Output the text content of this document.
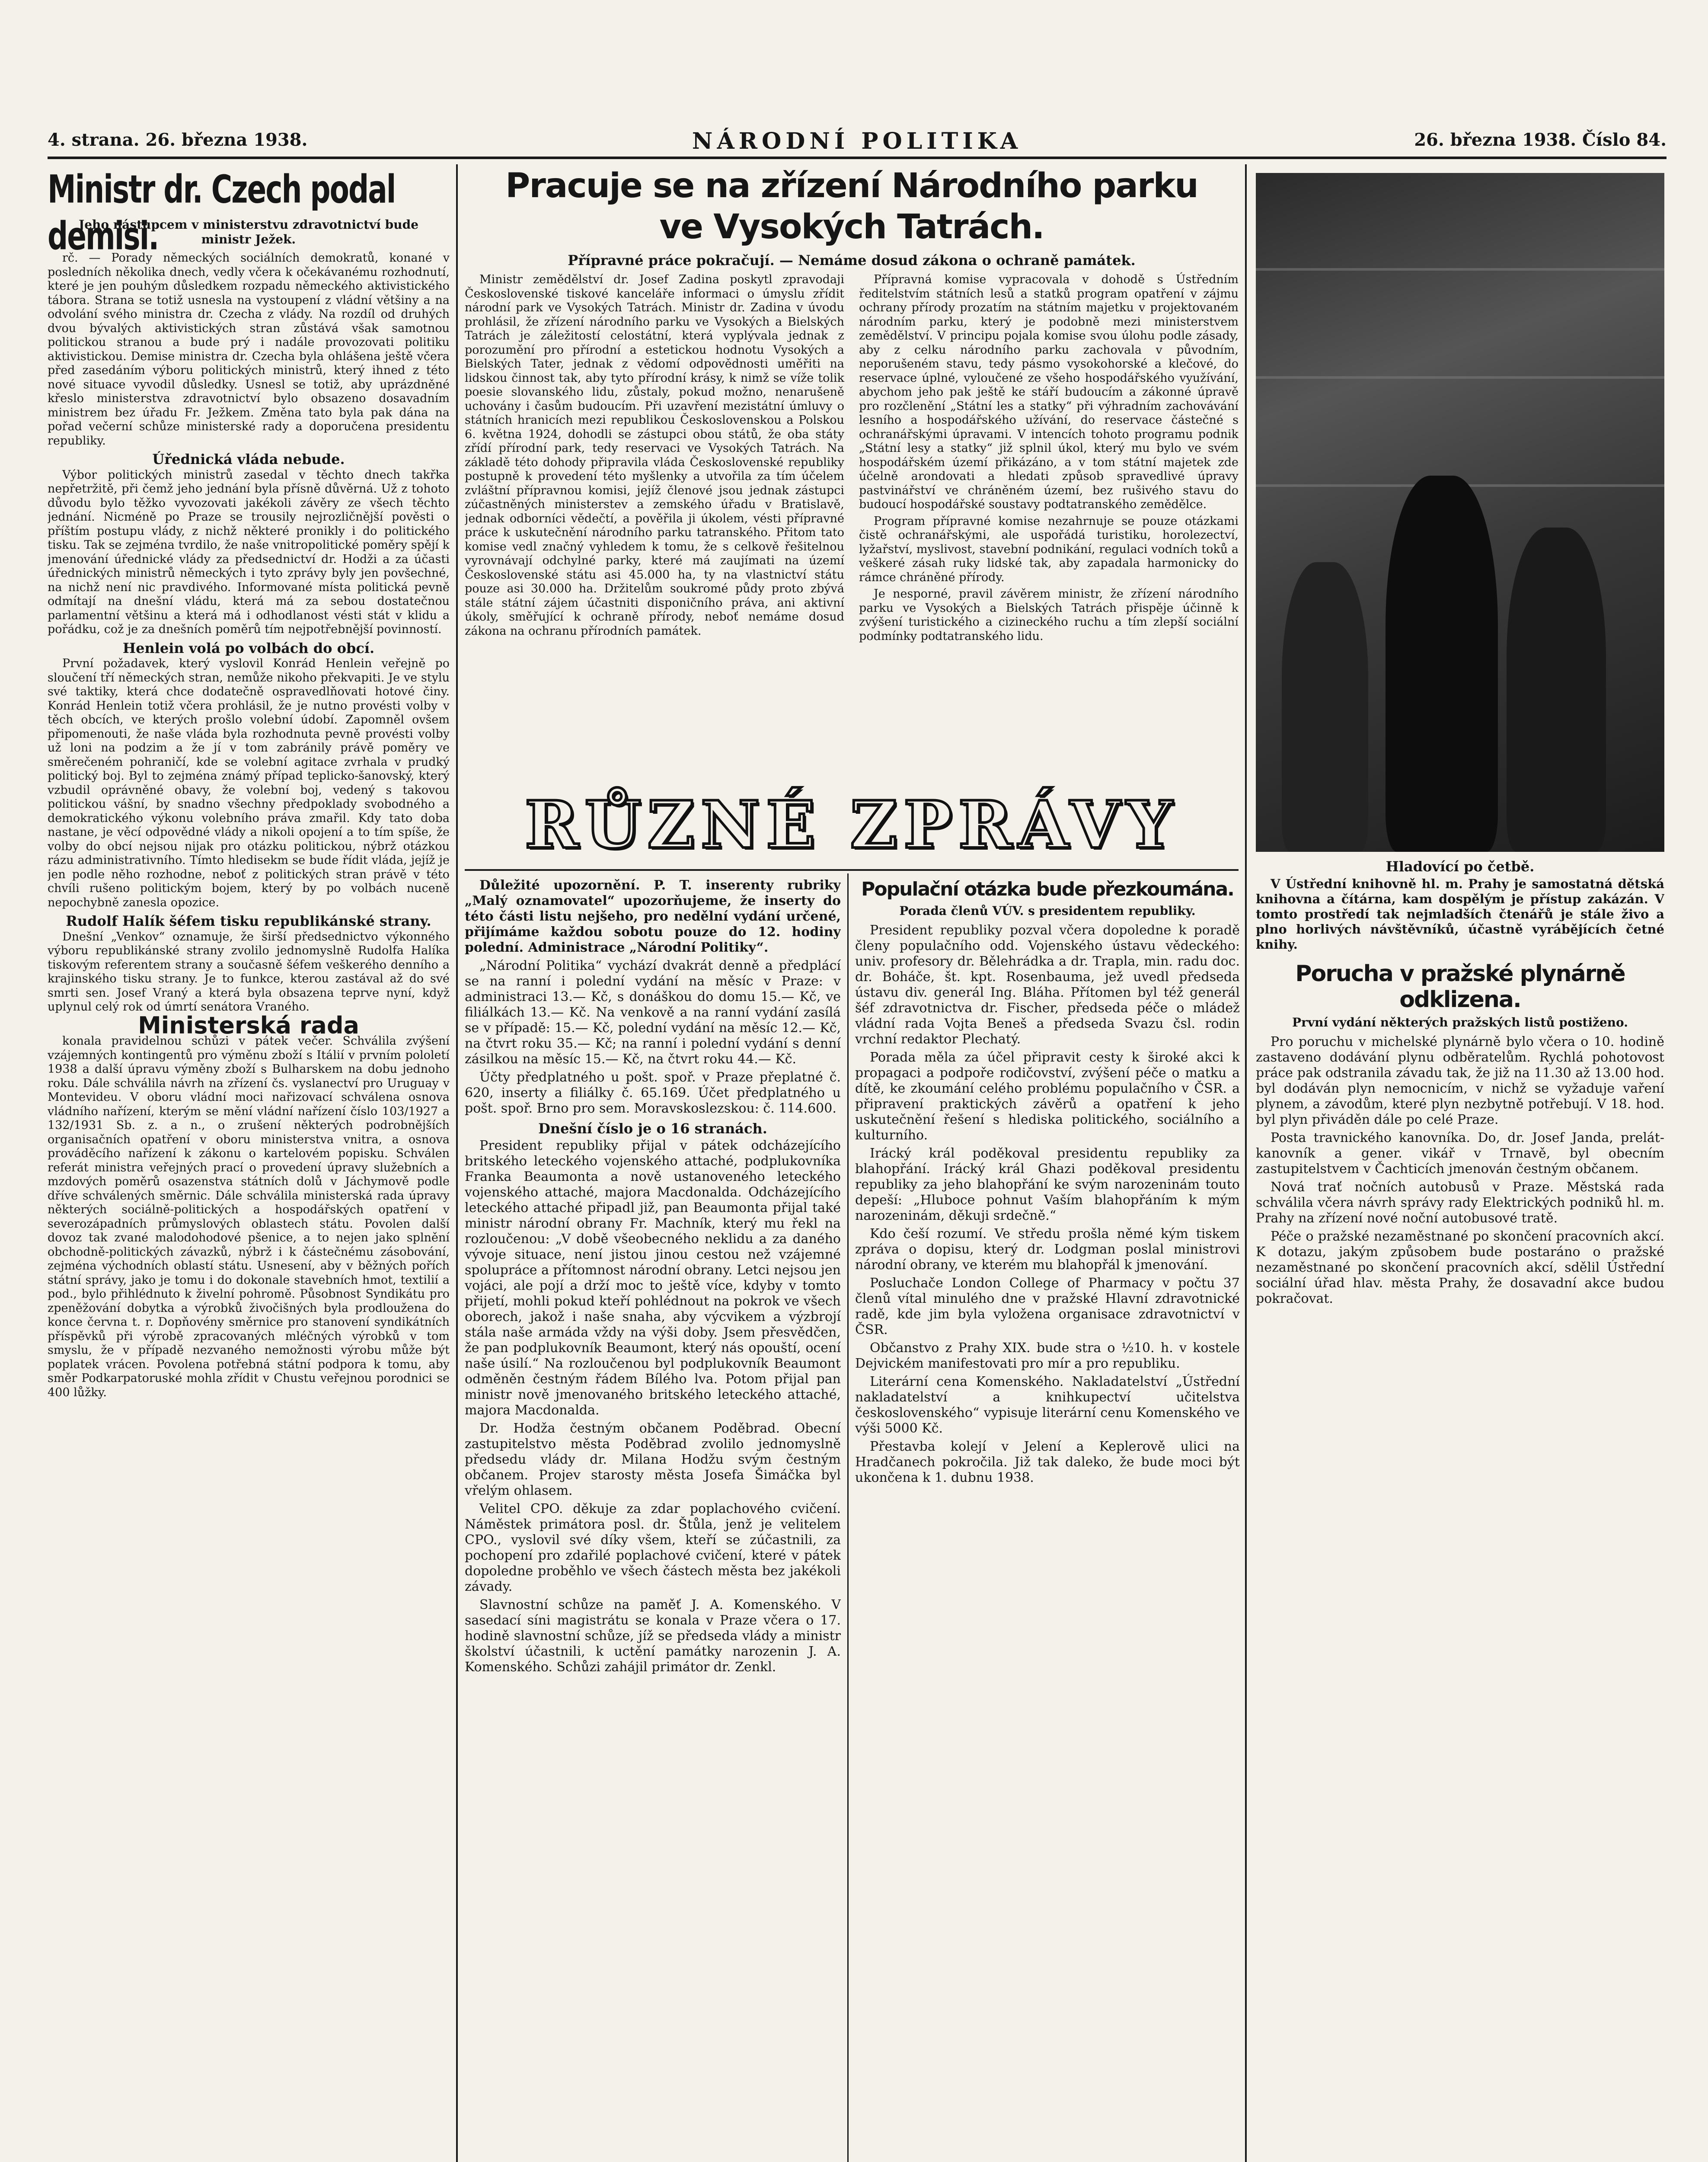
4. strana. 26. března 1938.	NÁRODNÍ POLITIKA	26. března 1938. Číslo 84.
Ministr dr. Czech podal demisi.
Jeho nástupcem v ministerstvu zdravotnictví bude ministr Ježek.

rč. — Porady německých sociálních demokratů, konané v posledních několika dnech, vedly včera k očekávanému rozhodnutí, které je jen pouhým důsledkem rozpadu německého aktivistického tábora. Strana se totiž usnesla na vystoupení z vládní většiny a na odvolání svého ministra dr. Czecha z vlády. Na rozdíl od druhých dvou bývalých aktivistických stran zůstává však samotnou politickou stranou a bude prý i nadále provozovati politiku aktivistickou. Demise ministra dr. Czecha byla ohlášena ještě včera před zasedáním výboru politických ministrů, který ihned z této nové situace vyvodil důsledky. Usnesl se totiž, aby uprázdněné křeslo ministerstva zdravotnictví bylo obsazeno dosavadním ministrem bez úřadu Fr. Ježkem. Změna tato byla pak dána na pořad večerní schůze ministerské rady a doporučena presidentu republiky.

Úřednická vláda nebude.

Výbor politických ministrů zasedal v těchto dnech takřka nepřetržitě, při čemž jeho jednání byla přísně důvěrná. Už z tohoto důvodu bylo těžko vyvozovati jakékoli závěry ze všech těchto jednání. Nicméně po Praze se trousily nejrozličnější pověsti o příštím postupu vlády, z nichž některé pronikly i do politického tisku. Tak se zejména tvrdilo, že naše vnitropolitické poměry spějí k jmenování úřednické vlády za předsednictví dr. Hodži a za účasti úřednických ministrů německých i tyto zprávy byly jen povšechné, na nichž není nic pravdivého. Informované místa politická pevně odmítají na dnešní vládu, která má za sebou dostatečnou parlamentní většinu a která má i odhodlanost vésti stát v klidu a pořádku, což je za dnešních poměrů tím nejpotřebnější povinností.

Henlein volá po volbách do obcí.

První požadavek, který vyslovil Konrád Henlein veřejně po sloučení tří německých stran, nemůže nikoho překvapiti. Je ve stylu své taktiky, která chce dodatečně ospravedlňovati hotové činy. Konrád Henlein totiž včera prohlásil, že je nutno provésti volby v těch obcích, ve kterých prošlo volební údobí. Zapomněl ovšem připomenouti, že naše vláda byla rozhodnuta pevně provésti volby už loni na podzim a že jí v tom zabránily právě poměry ve směrečeném pohraničí, kde se volební agitace zvrhala v prudký politický boj. Byl to zejména známý případ teplicko-šanovský, který vzbudil oprávněné obavy, že volební boj, vedený s takovou politickou vášní, by snadno všechny předpoklady svobodného a demokratického výkonu volebního práva zmařil. Kdy tato doba nastane, je věcí odpovědné vlády a nikoli opojení a to tím spíše, že volby do obcí nejsou nijak pro otázku politickou, nýbrž otázkou rázu administrativního. Tímto hledisekm se bude řídit vláda, jejíž je jen podle něho rozhodne, neboť z politických stran právě v této chvíli rušeno politickým bojem, který by po volbách nuceně nepochybně zanesla opozice.

Rudolf Halík šéfem tisku republikánské strany.

Dnešní „Venkov“ oznamuje, že širší předsednictvo výkonného výboru republikánské strany zvolilo jednomyslně Rudolfa Halíka tiskovým referentem strany a současně šéfem veškerého denního a krajinského tisku strany. Je to funkce, kterou zastával až do své smrti sen. Josef Vraný a která byla obsazena teprve nyní, když uplynul celý rok od úmrtí senátora Vraného.

Ministerská rada

konala pravidelnou schůzi v pátek večer. Schválila zvýšení vzájemných kontingentů pro výměnu zboží s Itálií v prvním pololetí 1938 a další úpravu výměny zboží s Bulharskem na dobu jednoho roku. Dále schválila návrh na zřízení čs. vyslanectví pro Uruguay v Montevideu. V oboru vládní moci nařizovací schválena osnova vládního nařízení, kterým se mění vládní nařízení číslo 103/1927 a 132/1931 Sb. z. a n., o zrušení některých podrobnějších organisačních opatření v oboru ministerstva vnitra, a osnova prováděcího nařízení k zákonu o kartelovém popisku. Schválen referát ministra veřejných prací o provedení úpravy služebních a mzdových poměrů osazenstva státních dolů v Jáchymově podle dříve schválených směrnic. Dále schválila ministerská rada úpravy některých sociálně-politických a hospodářských opatření v severozápadních průmyslových oblastech státu. Povolen další dovoz tak zvané malodohodové pšenice, a to nejen jako splnění obchodně-politických závazků, nýbrž i k částečnému zásobování, zejména východních oblastí státu. Usnesení, aby v běžných pořích státní správy, jako je tomu i do dokonale stavebních hmot, textilií a pod., bylo přihlédnuto k živelní pohromě. Působnost Syndikátu pro zpeněžování dobytka a výrobků živočišných byla prodloužena do konce června t. r. Dopňovény směrnice pro stanovení syndikátních příspěvků při výrobě zpracovaných mléčných výrobků v tom smyslu, že v případě nezvaného nemožnosti výrobu může být poplatek vrácen. Povolena potřebná státní podpora k tomu, aby směr Podkarpatoruské mohla zřídit v Chustu veřejnou porodnici se 400 lůžky.

Pracuje se na zřízení Národního parku
ve Vysokých Tatrách.
Přípravné práce pokračují. — Nemáme dosud zákona o ochraně památek.

Ministr zemědělství dr. Josef Zadina poskytl zpravodaji Československé tiskové kanceláře informaci o úmyslu zřídit národní park ve Vysokých Tatrách. Ministr dr. Zadina v úvodu prohlásil, že zřízení národního parku ve Vysokých a Bielských Tatrách je záležitostí celostátní, která vyplývala jednak z porozumění pro přírodní a estetickou hodnotu Vysokých a Bielských Tater, jednak z vědomí odpovědnosti uměřiti na lidskou činnost tak, aby tyto přírodní krásy, k nimž se víže tolik poesie slovanského lidu, zůstaly, pokud možno, nenarušeně uchovány i časům budoucím. Při uzavření mezistátní úmluvy o státních hranicích mezi republikou Československou a Polskou 6. května 1924, dohodli se zástupci obou států, že oba státy zřídí přírodní park, tedy reservaci ve Vysokých Tatrách. Na základě této dohody připravila vláda Československé republiky postupně k provedení této myšlenky a utvořila za tím účelem zvláštní přípravnou komisi, jejíž členové jsou jednak zástupci zúčastněných ministerstev a zemského úřadu v Bratislavě, jednak odborníci vědečtí, a pověřila ji úkolem, vésti přípravné práce k uskutečnění národního parku tatranského. Přitom tato komise vedl značný vyhledem k tomu, že s celkově řešitelnou vyrovnávají odchylné parky, které má zaujímati na území Československé státu asi 45.000 ha, ty na vlastnictví státu pouze asi 30.000 ha. Držitelům soukromé půdy proto zbývá stále státní zájem účastniti disponičního práva, ani aktivní úkoly, směřující k ochraně přírody, neboť nemáme dosud zákona na ochranu přírodních památek.

Přípravná komise vypracovala v dohodě s Ústředním ředitelstvím státních lesů a statků program opatření v zájmu ochrany přírody prozatím na státním majetku v projektovaném národním parku, který je podobně mezi ministerstvem zemědělství. V principu pojala komise svou úlohu podle zásady, aby z celku národního parku zachovala v původním, neporušeném stavu, tedy pásmo vysokohorské a klečové, do reservace úplné, vyloučené ze všeho hospodářského využívání, abychom jeho pak ještě ke stáří budoucím a zákonné úpravě pro rozčlenění „Státní les a statky“ při výhradním zachovávání lesního a hospodářského užívání, do reservace částečné s ochranářskými úpravami. V intencích tohoto programu podnik „Státní lesy a statky“ již splnil úkol, který mu bylo ve svém hospodářském území přikázáno, a v tom státní majetek zde účelně arondovati a hledati způsob spravedlivé úpravy pastvinářství ve chráněném území, bez rušivého stavu do budoucí hospodářské soustavy podtatranského zemědělce.

Program přípravné komise nezahrnuje se pouze otázkami čistě ochranářskými, ale uspořádá turistiku, horolezectví, lyžařství, myslivost, stavební podnikání, regulaci vodních toků a veškeré zásah ruky lidské tak, aby zapadala harmonicky do rámce chráněné přírody.

Je nesporné, pravil závěrem ministr, že zřízení národního parku ve Vysokých a Bielských Tatrách přispěje účinně k zvýšení turistického a cizineckého ruchu a tím zlepší sociální podmínky podtatranského lidu.

RŮZNÉ ZPRÁVY

Důležité upozornění. P. T. inserenty rubriky „Malý oznamovatel“ upozorňujeme, že inserty do této části listu nejšeho, pro nedělní vydání určené, přijímáme každou sobotu pouze do 12. hodiny polední. Administrace „Národní Politiky“.

„Národní Politika“ vychází dvakrát denně a předplácí se na ranní i polední vydání na měsíc v Praze: v administraci 13.— Kč, s donáškou do domu 15.— Kč, ve filiálkách 13.— Kč. Na venkově a na ranní vydání zasílá se v případě: 15.— Kč, polední vydání na měsíc 12.— Kč, na čtvrt roku 35.— Kč; na ranní i polední vydání s denní zásilkou na měsíc 15.— Kč, na čtvrt roku 44.— Kč.

Účty předplatného u pošt. spoř. v Praze přeplatné č. 620, inserty a filiálky č. 65.169. Účet předplatného u pošt. spoř. Brno pro sem. Moravskoslezskou: č. 114.600.

Dnešní číslo je o 16 stranách.

President republiky přijal v pátek odcházejícího britského leteckého vojenského attaché, podplukovníka Franka Beaumonta a nově ustanoveného leteckého vojenského attaché, majora Macdonalda. Odcházejícího leteckého attaché připadl již, pan Beaumonta přijal také ministr národní obrany Fr. Machník, který mu řekl na rozloučenou: „V době všeobecného neklidu a za daného vývoje situace, není jistou jinou cestou než vzájemné spolupráce a přítomnost národní obrany. Letci nejsou jen vojáci, ale pojí a drží moc to ještě více, kdyby v tomto přijetí, mohli pokud kteří pohlédnout na pokrok ve všech oborech, jakož i naše snaha, aby výcvikem a výzbrojí stála naše armáda vždy na výši doby. Jsem přesvědčen, že pan podplukovník Beaumont, který nás opouští, ocení naše úsilí.“ Na rozloučenou byl podplukovník Beaumont odměněn čestným řádem Bílého lva. Potom přijal pan ministr nově jmenovaného britského leteckého attaché, majora Macdonalda.

Dr. Hodža čestným občanem Poděbrad. Obecní zastupitelstvo města Poděbrad zvolilo jednomyslně předsedu vlády dr. Milana Hodžu svým čestným občanem. Projev starosty města Josefa Šimáčka byl vřelým ohlasem.

Velitel CPO. děkuje za zdar poplachového cvičení. Náměstek primátora posl. dr. Štůla, jenž je velitelem CPO., vyslovil své díky všem, kteří se zúčastnili, za pochopení pro zdařilé poplachové cvičení, které v pátek dopoledne proběhlo ve všech částech města bez jakékoli závady.

Slavnostní schůze na paměť J. A. Komenského. V sasedací síni magistrátu se konala v Praze včera o 17. hodině slavnostní schůze, jíž se předseda vlády a ministr školství účastnili, k uctění památky narozenin J. A. Komenského. Schůzi zahájil primátor dr. Zenkl.

Populační otázka bude přezkoumána.
Porada členů VÚV. s presidentem republiky.

President republiky pozval včera dopoledne k poradě členy populačního odd. Vojenského ústavu vědeckého: univ. profesory dr. Bělehrádka a dr. Trapla, min. radu doc. dr. Boháče, št. kpt. Rosenbauma, jež uvedl předseda ústavu div. generál Ing. Bláha. Přítomen byl též generál šéf zdravotnictva dr. Fischer, předseda péče o mládež vládní rada Vojta Beneš a předseda Svazu čsl. rodin vrchní redaktor Plechatý.

Porada měla za účel připravit cesty k široké akci k propagaci a podpoře rodičovství, zvýšení péče o matku a dítě, ke zkoumání celého problému populačního v ČSR. a připravení praktických závěrů a opatření k jeho uskutečnění řešení s hlediska politického, sociálního a kulturního.

Irácký král poděkoval presidentu republiky za blahopřání. Irácký král Ghazi poděkoval presidentu republiky za jeho blahopřání ke svým narozeninám touto depeší: „Hluboce pohnut Vaším blahopřáním k mým narozeninám, děkuji srdečně.“

Kdo češí rozumí. Ve středu prošla němé kým tiskem zpráva o dopisu, který dr. Lodgman poslal ministrovi národní obrany, ve kterém mu blahopřál k jmenování.

Posluchače London College of Pharmacy v počtu 37 členů vítal minulého dne v pražské Hlavní zdravotnické radě, kde jim byla vyložena organisace zdravotnictví v ČSR.

Občanstvo z Prahy XIX. bude stra o ½10. h. v kostele Dejvickém manifestovati pro mír a pro republiku.

Literární cena Komenského. Nakladatelství „Ústřední nakladatelství a knihkupectví učitelstva československého“ vypisuje literární cenu Komenského ve výši 5000 Kč.

Přestavba kolejí v Jelení a Keplerově ulici na Hradčanech pokročila. Již tak daleko, že bude moci být ukončena k 1. dubnu 1938.

Hladovící po četbě.

V Ústřední knihovně hl. m. Prahy je samostatná dětská knihovna a čítárna, kam dospělým je přístup zakázán. V tomto prostředí tak nejmladších čtenářů je stále živo a plno horlivých návštěvníků, účastně vyrábějících četné knihy.

Porucha v pražské plynárně odklizena.
První vydání některých pražských listů postiženo.

Pro poruchu v michelské plynárně bylo včera o 10. hodině zastaveno dodávání plynu odběratelům. Rychlá pohotovost práce pak odstranila závadu tak, že již na 11.30 až 13.00 hod. byl dodáván plyn nemocnicím, v nichž se vyžaduje vaření plynem, a závodům, které plyn nezbytně potřebují. V 18. hod. byl plyn přiváděn dále po celé Praze.

Posta travnického kanovníka. Do, dr. Josef Janda, prelát-kanovník a gener. vikář v Trnavě, byl obecním zastupitelstvem v Čachticích jmenován čestným občanem.

Nová trať nočních autobusů v Praze. Městská rada schválila včera návrh správy rady Elektrických podniků hl. m. Prahy na zřízení nové noční autobusové tratě.

Péče o pražské nezaměstnané po skončení pracovních akcí. K dotazu, jakým způsobem bude postaráno o pražské nezaměstnané po skončení pracovních akcí, sdělil Ústřední sociální úřad hlav. města Prahy, že dosavadní akce budou pokračovat.
